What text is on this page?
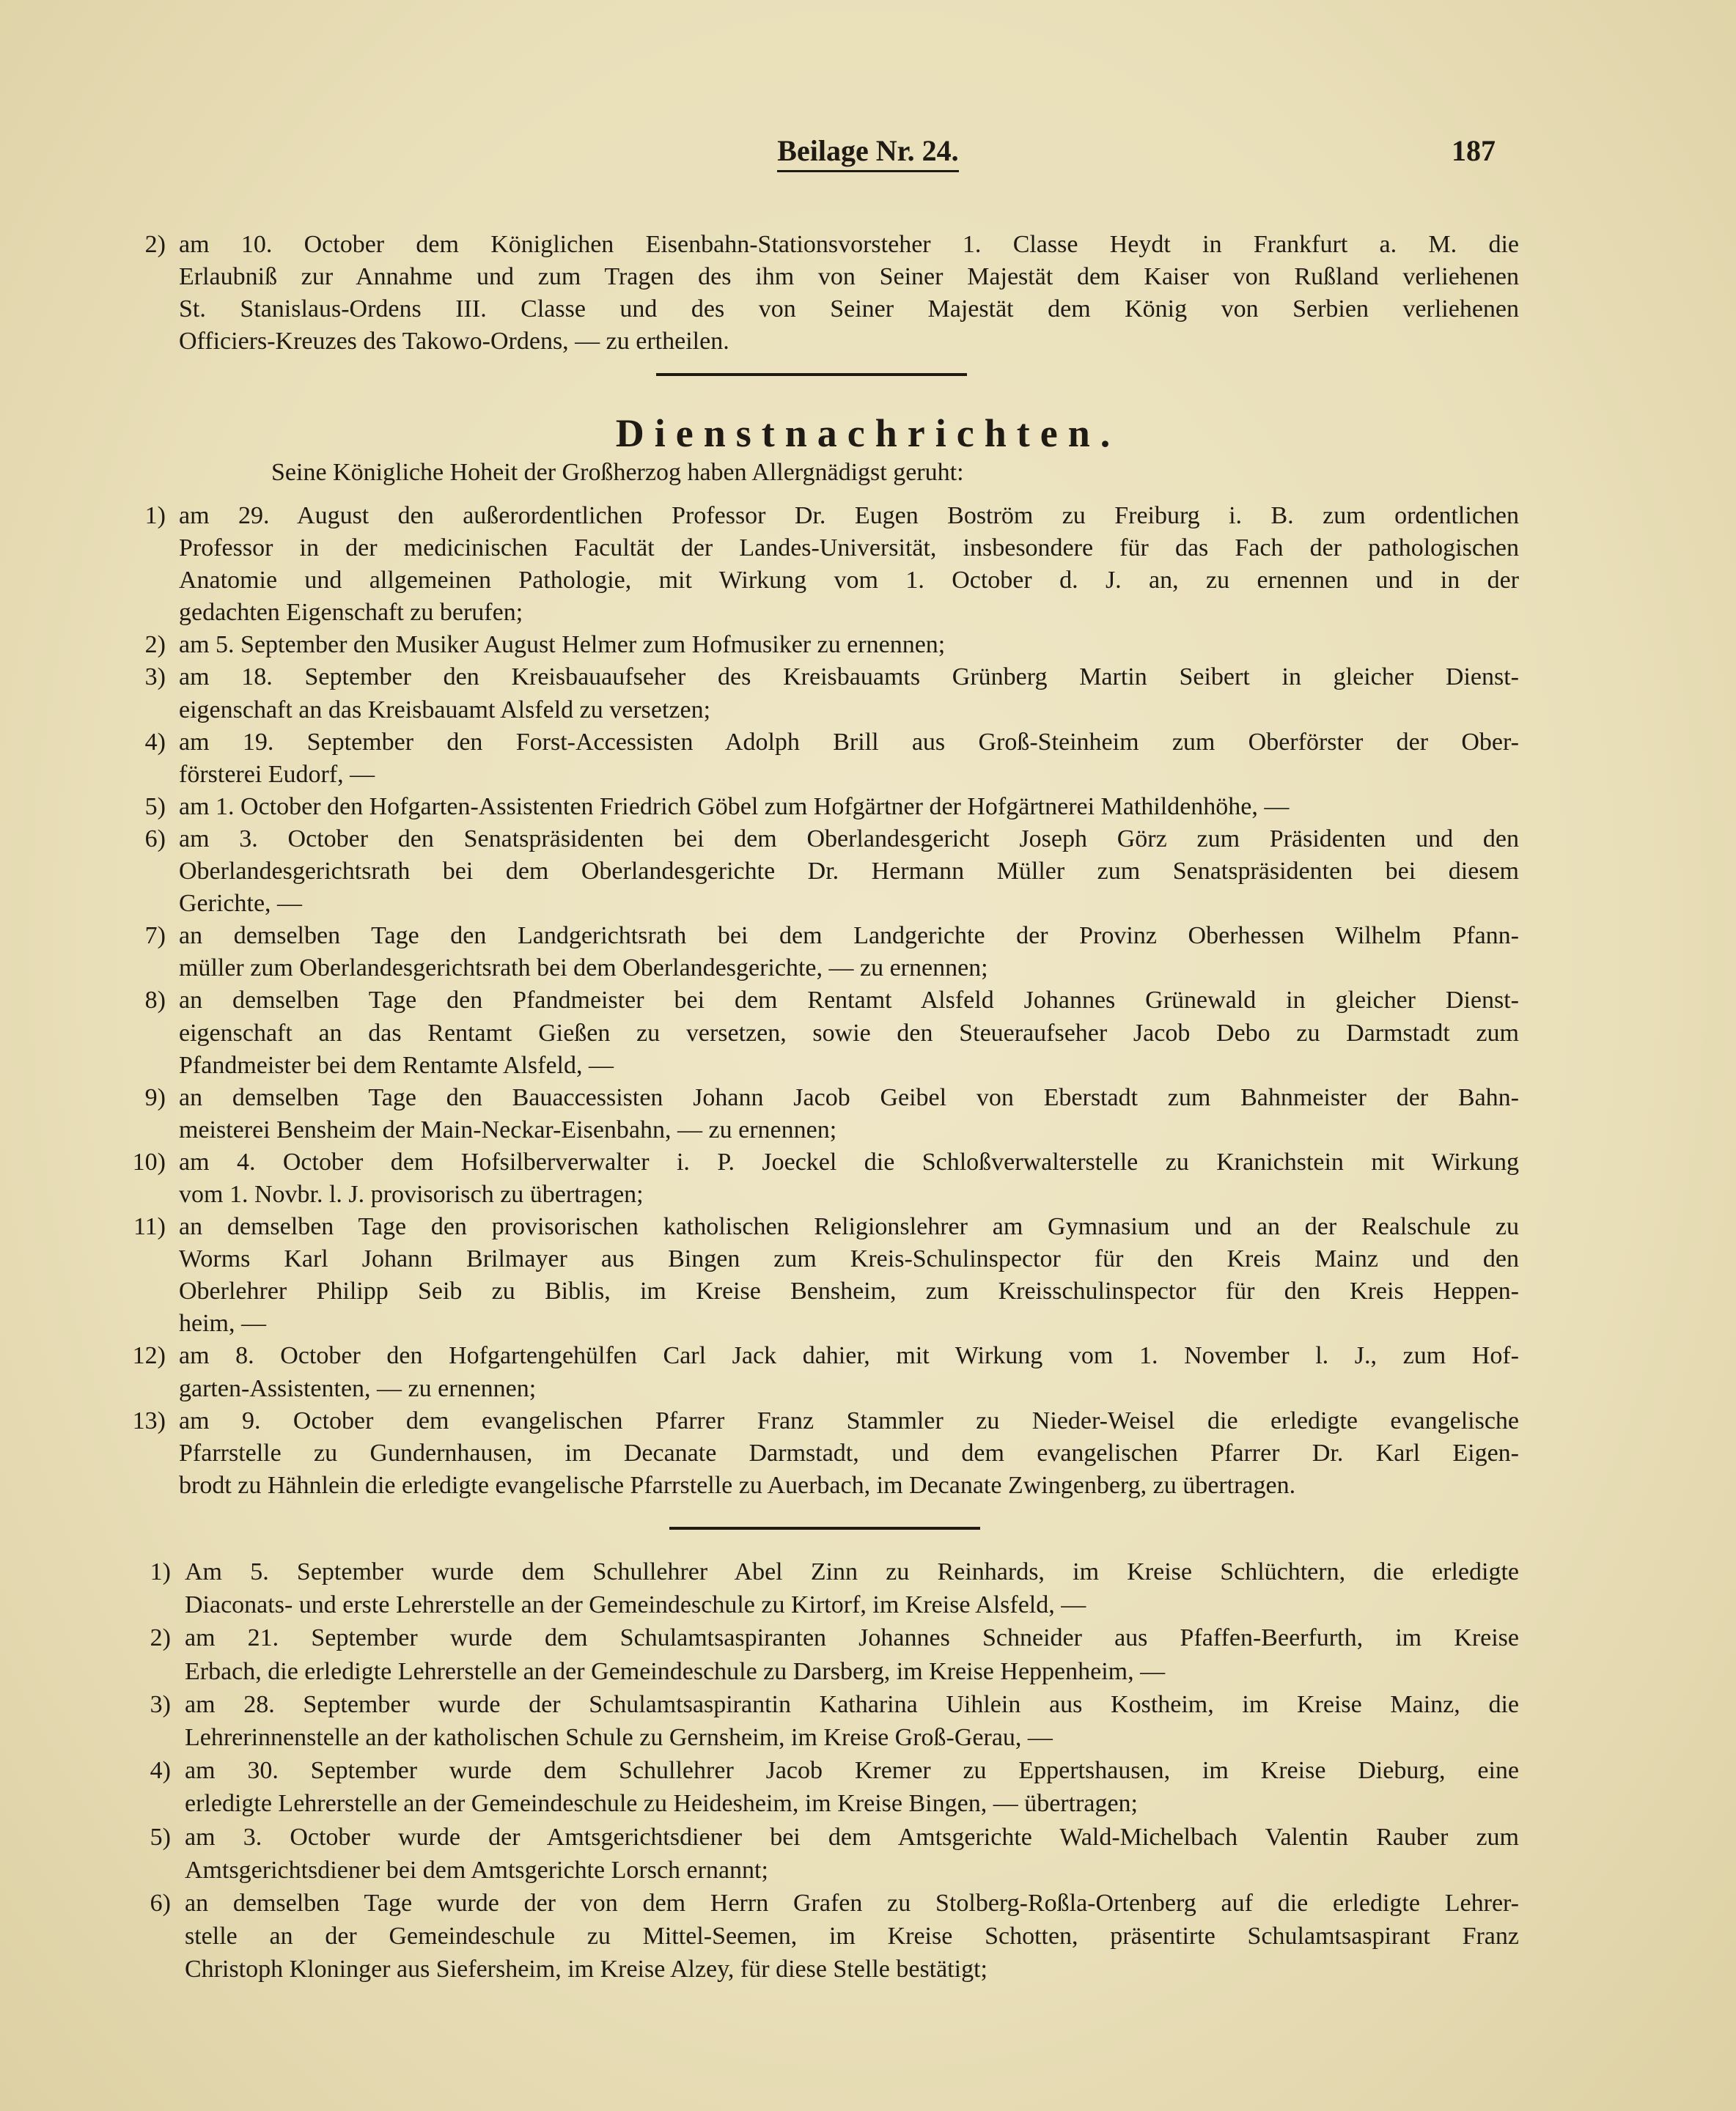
Beilage Nr. 24.	187
2) am 10. October dem Königlichen Eisenbahn-Stationsvorsteher 1. Classe Heydt in Frankfurt a. M. die
Erlaubniß zur Annahme und zum Tragen des ihm von Seiner Majestät dem Kaiser von Rußland verliehenen
St. Stanislaus-Ordens III. Classe und des von Seiner Majestät dem König von Serbien verliehenen
Officiers-Kreuzes des Takowo-Ordens, — zu ertheilen.
Dienstnachrichten.
Seine Königliche Hoheit der Großherzog haben Allergnädigst geruht:
1) am 29. August den außerordentlichen Professor Dr. Eugen Boström zu Freiburg i. B. zum ordentlichen
Professor in der medicinischen Facultät der Landes-Universität, insbesondere für das Fach der pathologischen
Anatomie und allgemeinen Pathologie, mit Wirkung vom 1. October d. J. an, zu ernennen und in der
gedachten Eigenschaft zu berufen;
2) am 5. September den Musiker August Helmer zum Hofmusiker zu ernennen;
3) am 18. September den Kreisbauaufseher des Kreisbauamts Grünberg Martin Seibert in gleicher Dienst-
eigenschaft an das Kreisbauamt Alsfeld zu versetzen;
4) am 19. September den Forst-Accessisten Adolph Brill aus Groß-Steinheim zum Oberförster der Ober-
försterei Eudorf, —
5) am 1. October den Hofgarten-Assistenten Friedrich Göbel zum Hofgärtner der Hofgärtnerei Mathildenhöhe, —
6) am 3. October den Senatspräsidenten bei dem Oberlandesgericht Joseph Görz zum Präsidenten und den
Oberlandesgerichtsrath bei dem Oberlandesgerichte Dr. Hermann Müller zum Senatspräsidenten bei diesem
Gerichte, —
7) an demselben Tage den Landgerichtsrath bei dem Landgerichte der Provinz Oberhessen Wilhelm Pfann-
müller zum Oberlandesgerichtsrath bei dem Oberlandesgerichte, — zu ernennen;
8) an demselben Tage den Pfandmeister bei dem Rentamt Alsfeld Johannes Grünewald in gleicher Dienst-
eigenschaft an das Rentamt Gießen zu versetzen, sowie den Steueraufseher Jacob Debo zu Darmstadt zum
Pfandmeister bei dem Rentamte Alsfeld, —
9) an demselben Tage den Bauaccessisten Johann Jacob Geibel von Eberstadt zum Bahnmeister der Bahn-
meisterei Bensheim der Main-Neckar-Eisenbahn, — zu ernennen;
10) am 4. October dem Hofsilberverwalter i. P. Joeckel die Schloßverwalterstelle zu Kranichstein mit Wirkung
vom 1. Novbr. l. J. provisorisch zu übertragen;
11) an demselben Tage den provisorischen katholischen Religionslehrer am Gymnasium und an der Realschule zu
Worms Karl Johann Brilmayer aus Bingen zum Kreis-Schulinspector für den Kreis Mainz und den
Oberlehrer Philipp Seib zu Biblis, im Kreise Bensheim, zum Kreisschulinspector für den Kreis Heppen-
heim, —
12) am 8. October den Hofgartengehülfen Carl Jack dahier, mit Wirkung vom 1. November l. J., zum Hof-
garten-Assistenten, — zu ernennen;
13) am 9. October dem evangelischen Pfarrer Franz Stammler zu Nieder-Weisel die erledigte evangelische
Pfarrstelle zu Gundernhausen, im Decanate Darmstadt, und dem evangelischen Pfarrer Dr. Karl Eigen-
brodt zu Hähnlein die erledigte evangelische Pfarrstelle zu Auerbach, im Decanate Zwingenberg, zu übertragen.
1) Am 5. September wurde dem Schullehrer Abel Zinn zu Reinhards, im Kreise Schlüchtern, die erledigte
Diaconats- und erste Lehrerstelle an der Gemeindeschule zu Kirtorf, im Kreise Alsfeld, —
2) am 21. September wurde dem Schulamtsaspiranten Johannes Schneider aus Pfaffen-Beerfurth, im Kreise
Erbach, die erledigte Lehrerstelle an der Gemeindeschule zu Darsberg, im Kreise Heppenheim, —
3) am 28. September wurde der Schulamtsaspirantin Katharina Uihlein aus Kostheim, im Kreise Mainz, die
Lehrerinnenstelle an der katholischen Schule zu Gernsheim, im Kreise Groß-Gerau, —
4) am 30. September wurde dem Schullehrer Jacob Kremer zu Eppertshausen, im Kreise Dieburg, eine
erledigte Lehrerstelle an der Gemeindeschule zu Heidesheim, im Kreise Bingen, — übertragen;
5) am 3. October wurde der Amtsgerichtsdiener bei dem Amtsgerichte Wald-Michelbach Valentin Rauber zum
Amtsgerichtsdiener bei dem Amtsgerichte Lorsch ernannt;
6) an demselben Tage wurde der von dem Herrn Grafen zu Stolberg-Roßla-Ortenberg auf die erledigte Lehrer-
stelle an der Gemeindeschule zu Mittel-Seemen, im Kreise Schotten, präsentirte Schulamtsaspirant Franz
Christoph Kloninger aus Siefersheim, im Kreise Alzey, für diese Stelle bestätigt;
